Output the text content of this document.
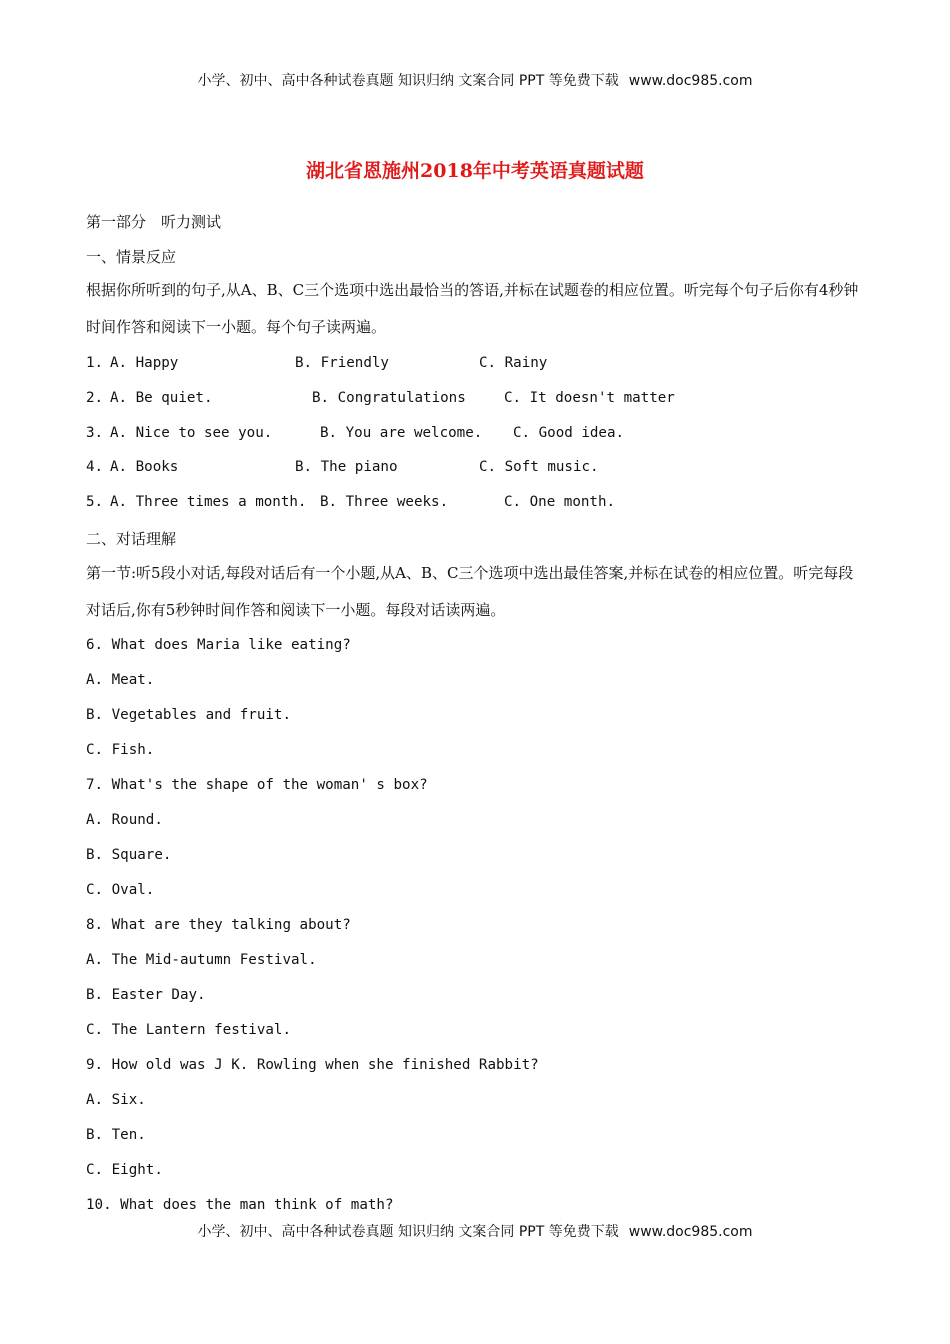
小学、初中、高中各种试卷真题 知识归纳 文案合同 PPT 等免费下载 www.doc985.com
湖北省恩施州2018年中考英语真题试题
第一部分　听力测试
一、情景反应
根据你所听到的句子,从A、B、C三个选项中选出最恰当的答语,并标在试题卷的相应位置。听完每个句子后你有4秒钟时间作答和阅读下一小题。每个句子读两遍。
1. A. Happy	B. Friendly	C. Rainy
2. A. Be quiet.	B. Congratulations	C. It doesn't matter
3. A. Nice to see you.	B. You are welcome. C. Good idea.
4. A. Books	B. The piano	C. Soft music.
5. A. Three times a month. B. Three weeks.	C. One month.
二、对话理解
第一节:听5段小对话,每段对话后有一个小题,从A、B、C三个选项中选出最佳答案,并标在试卷的相应位置。听完每段对话后,你有5秒钟时间作答和阅读下一小题。每段对话读两遍。
6. What does Maria like eating?
A. Meat.
B. Vegetables and fruit.
C. Fish.
7. What's the shape of the woman' s box?
A. Round.
B. Square.
C. Oval.
8. What are they talking about?
A. The Mid-autumn Festival.
B. Easter Day.
C. The Lantern festival.
9. How old was J K. Rowling when she finished Rabbit?
A. Six.
B. Ten.
C. Eight.
10. What does the man think of math?
小学、初中、高中各种试卷真题 知识归纳 文案合同 PPT 等免费下载 www.doc985.com
